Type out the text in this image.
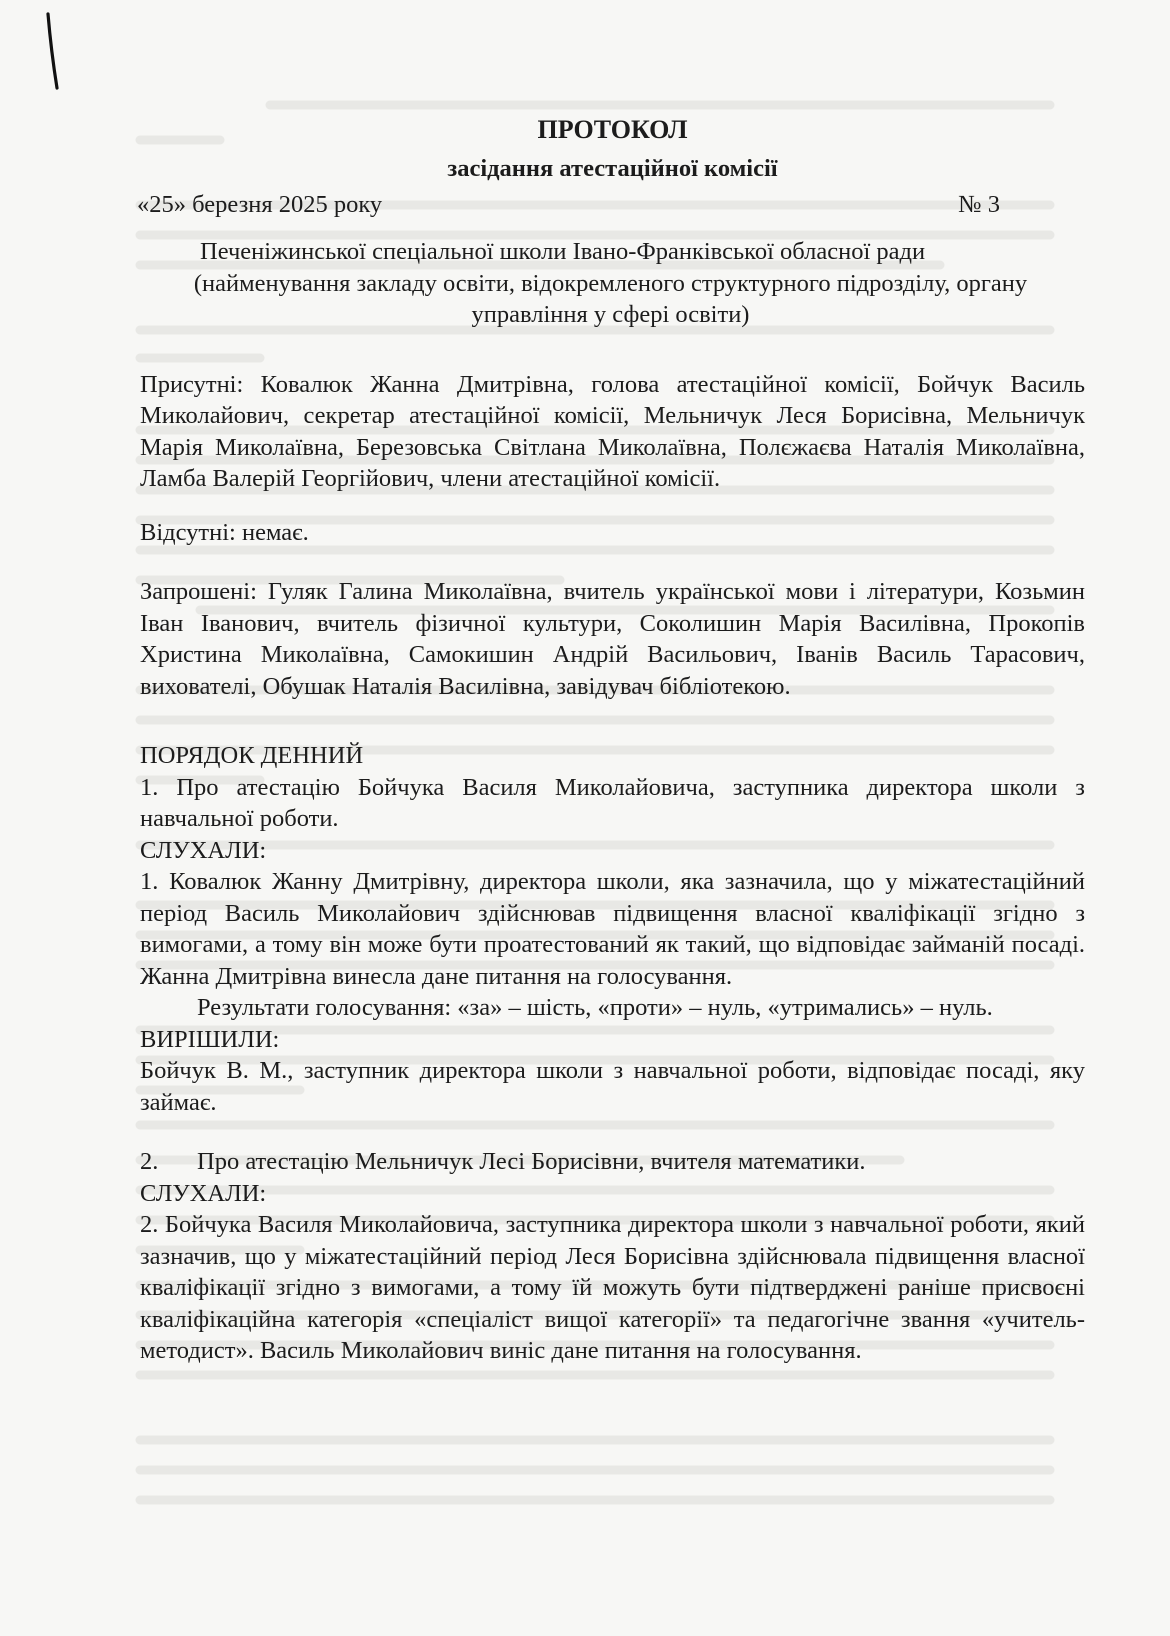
ПРОТОКОЛ
засідання атестаційної комісії
«25» березня 2025 року	№ 3
Печеніжинської спеціальної школи Івано-Франківської обласної ради
(найменування закладу освіти, відокремленого структурного підрозділу, органу управління у сфері освіти)
Присутні: Ковалюк Жанна Дмитрівна, голова атестаційної комісії, Бойчук Василь Миколайович, секретар атестаційної комісії, Мельничук Леся Борисівна, Мельничук Марія Миколаївна, Березовська Світлана Миколаївна, Полєжаєва Наталія Миколаївна, Ламба Валерій Георгійович, члени атестаційної комісії.
Відсутні: немає.
Запрошені: Гуляк Галина Миколаївна, вчитель української мови і літератури, Козьмин Іван Іванович, вчитель фізичної культури, Соколишин Марія Василівна, Прокопів Христина Миколаївна, Самокишин Андрій Васильович, Іванів Василь Тарасович, вихователі, Обушак Наталія Василівна, завідувач бібліотекою.
ПОРЯДОК ДЕННИЙ
1. Про атестацію Бойчука Василя Миколайовича, заступника директора школи з навчальної роботи.
СЛУХАЛИ:
1. Ковалюк Жанну Дмитрівну, директора школи, яка зазначила, що у міжатестаційний період Василь Миколайович здійснював підвищення власної кваліфікації згідно з вимогами, а тому він може бути проатестований як такий, що відповідає займаній посаді. Жанна Дмитрівна винесла дане питання на голосування.
Результати голосування: «за» – шість, «проти» – нуль, «утримались» – нуль.
ВИРІШИЛИ:
Бойчук В. М., заступник директора школи з навчальної роботи, відповідає посаді, яку займає.
2.	Про атестацію Мельничук Лесі Борисівни, вчителя математики.
СЛУХАЛИ:
2. Бойчука Василя Миколайовича, заступника директора школи з навчальної роботи, який зазначив, що у міжатестаційний період Леся Борисівна здійснювала підвищення власної кваліфікації згідно з вимогами, а тому їй можуть бути підтверджені раніше присвоєні кваліфікаційна категорія «спеціаліст вищої категорії» та педагогічне звання «учитель-методист». Василь Миколайович виніс дане питання на голосування.
